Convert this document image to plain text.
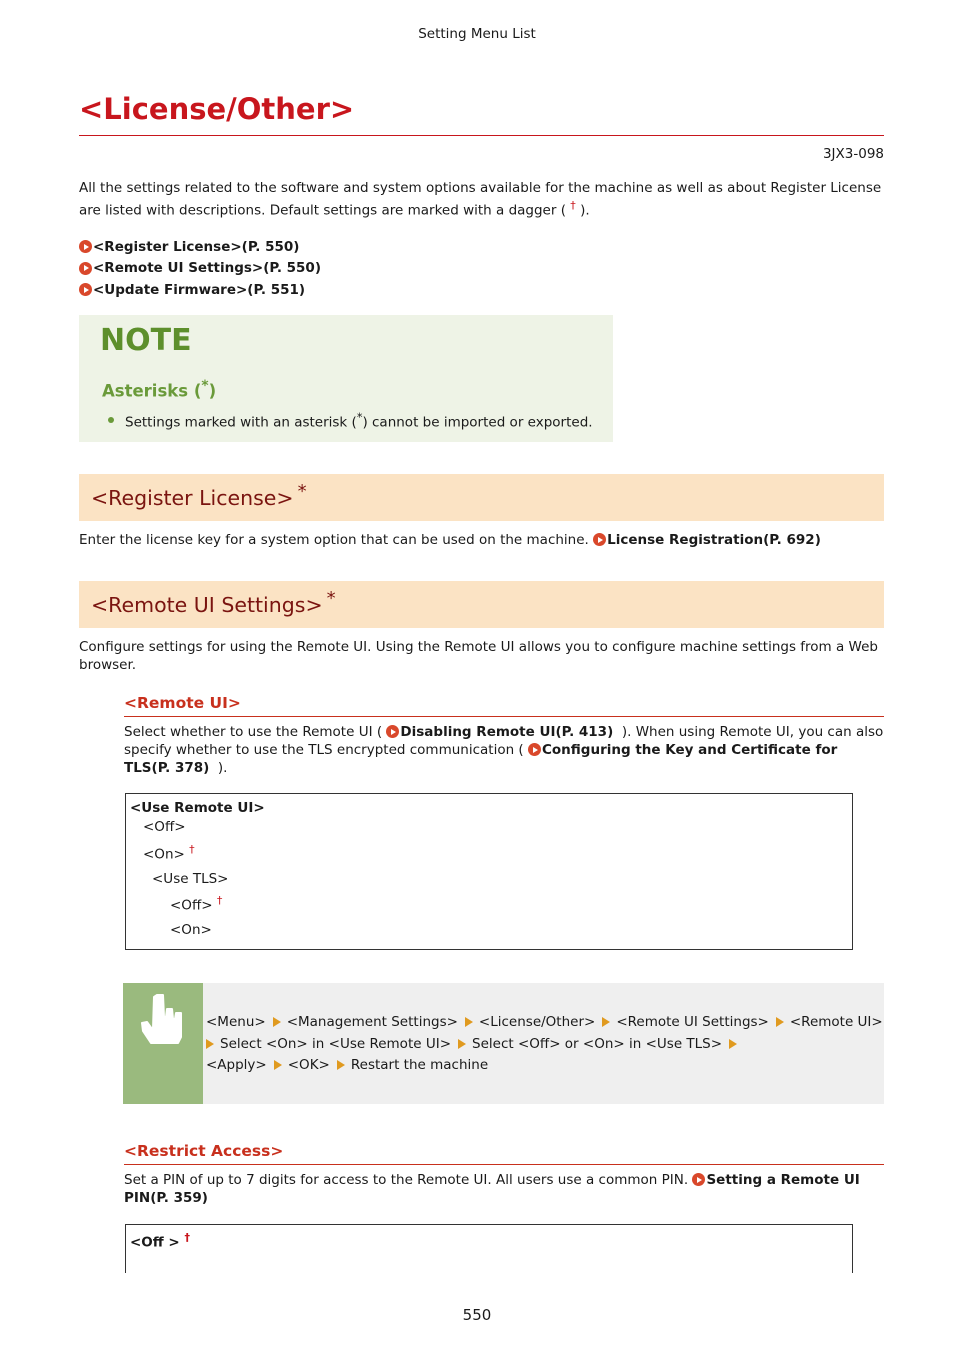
Setting Menu List
<License/Other>
3JX3-098
All the settings related to the software and system options available for the machine as well as about Register License
are listed with descriptions. Default settings are marked with a dagger ( † ).
<Register License>(P. 550)
<Remote UI Settings>(P. 550)
<Update Firmware>(P. 551)
NOTE
Asterisks (*)
Settings marked with an asterisk (*) cannot be imported or exported.
<Register License> *
Enter the license key for a system option that can be used on the machine. License Registration(P. 692)
<Remote UI Settings> *
Configure settings for using the Remote UI. Using the Remote UI allows you to configure machine settings from a Web
browser.
<Remote UI>
Select whether to use the Remote UI ( Disabling Remote UI(P. 413) ). When using Remote UI, you can also
specify whether to use the TLS encrypted communication ( Configuring the Key and Certificate for
TLS(P. 378) ).
<Use Remote UI>
<Off>
<On> †
<Use TLS>
<Off> †
<On>
<Menu> <Management Settings> <License/Other> <Remote UI Settings> <Remote UI>
Select <On> in <Use Remote UI> Select <Off> or <On> in <Use TLS>
<Apply> <OK> Restart the machine
<Restrict Access>
Set a PIN of up to 7 digits for access to the Remote UI. All users use a common PIN. Setting a Remote UI
PIN(P. 359)
<Off > †
550
